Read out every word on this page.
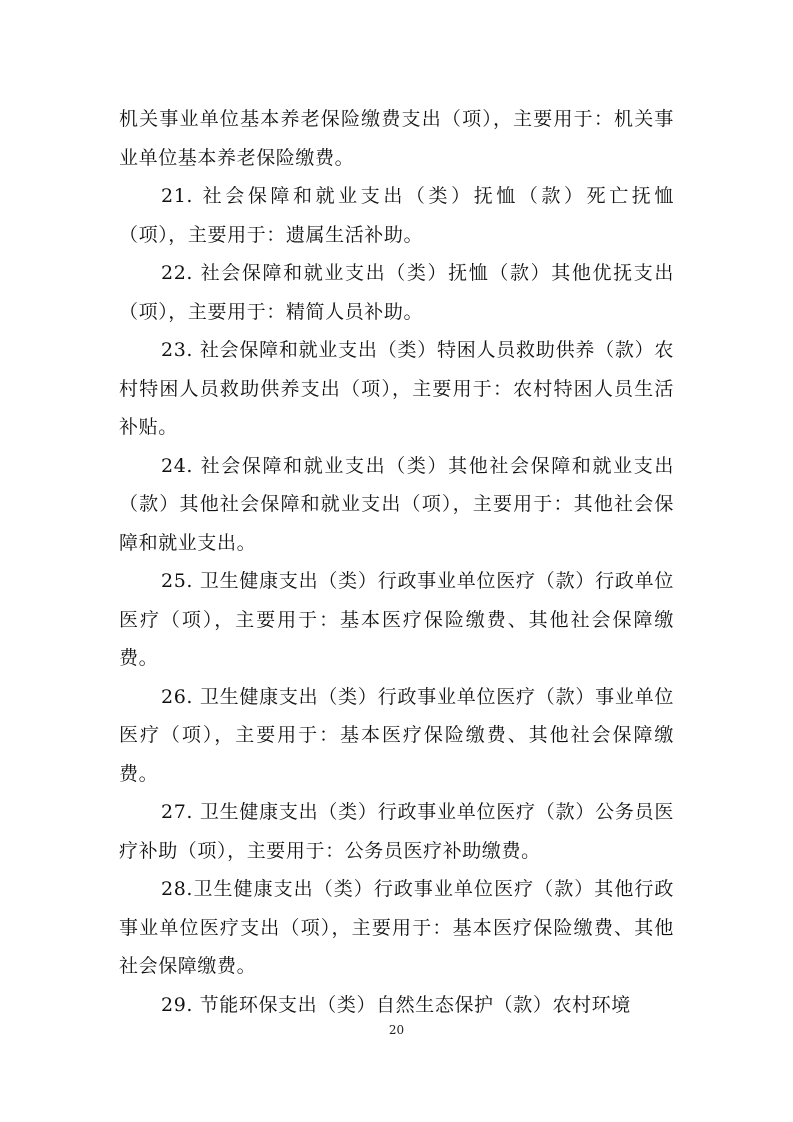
机关事业单位基本养老保险缴费支出（项），主要用于：机关事业单位基本养老保险缴费。

21. 社会保障和就业支出（类）抚恤（款）死亡抚恤（项），主要用于：遗属生活补助。

22. 社会保障和就业支出（类）抚恤（款）其他优抚支出（项），主要用于：精简人员补助。

23. 社会保障和就业支出（类）特困人员救助供养（款）农村特困人员救助供养支出（项），主要用于：农村特困人员生活补贴。

24. 社会保障和就业支出（类）其他社会保障和就业支出（款）其他社会保障和就业支出（项），主要用于：其他社会保障和就业支出。

25. 卫生健康支出（类）行政事业单位医疗（款）行政单位医疗（项），主要用于：基本医疗保险缴费、其他社会保障缴费。

26. 卫生健康支出（类）行政事业单位医疗（款）事业单位医疗（项），主要用于：基本医疗保险缴费、其他社会保障缴费。

27. 卫生健康支出（类）行政事业单位医疗（款）公务员医疗补助（项），主要用于：公务员医疗补助缴费。

28.卫生健康支出（类）行政事业单位医疗（款）其他行政事业单位医疗支出（项），主要用于：基本医疗保险缴费、其他社会保障缴费。

29. 节能环保支出（类）自然生态保护（款）农村环境

20
